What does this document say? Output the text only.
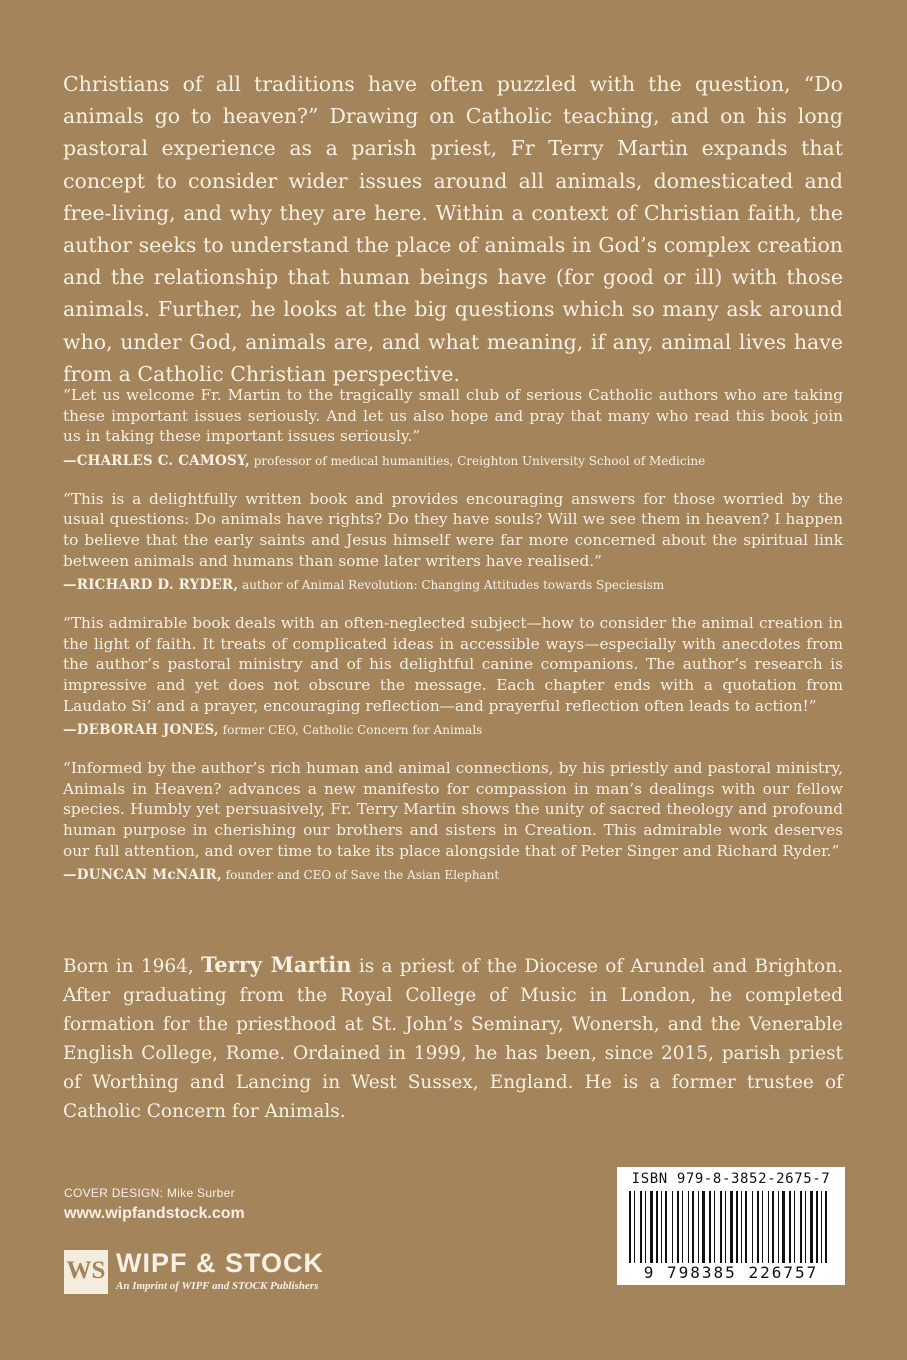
Christians of all traditions have often puzzled with the question, “Do animals go to heaven?” Drawing on Catholic teaching, and on his long pastoral experience as a parish priest, Fr Terry Martin expands that concept to consider wider issues around all animals, domesticated and free-living, and why they are here. Within a context of Christian faith, the author seeks to understand the place of animals in God’s complex creation and the relationship that human beings have (for good or ill) with those animals. Further, he looks at the big questions which so many ask around who, under God, animals are, and what meaning, if any, animal lives have from a Catholic Christian perspective.

“Let us welcome Fr. Martin to the tragically small club of serious Catholic authors who are taking these important issues seriously. And let us also hope and pray that many who read this book join us in taking these important issues seriously.”

—CHARLES C. CAMOSY, professor of medical humanities, Creighton University School of Medicine

“This is a delightfully written book and provides encouraging answers for those worried by the usual questions: Do animals have rights? Do they have souls? Will we see them in heaven? I happen to believe that the early saints and Jesus himself were far more concerned about the spiritual link between animals and humans than some later writers have realised.”

—RICHARD D. RYDER, author of Animal Revolution: Changing Attitudes towards Speciesism

“This admirable book deals with an often-neglected subject—how to consider the animal creation in the light of faith. It treats of complicated ideas in accessible ways—especially with anecdotes from the author’s pastoral ministry and of his delightful canine companions. The author’s research is impressive and yet does not obscure the message. Each chapter ends with a quotation from Laudato Si’ and a prayer, encouraging reflection—and prayerful reflection often leads to action!”

—DEBORAH JONES, former CEO, Catholic Concern for Animals

“Informed by the author’s rich human and animal connections, by his priestly and pastoral ministry, Animals in Heaven? advances a new manifesto for compassion in man’s dealings with our fellow species. Humbly yet persuasively, Fr. Terry Martin shows the unity of sacred theology and profound human purpose in cherishing our brothers and sisters in Creation. This admirable work deserves our full attention, and over time to take its place alongside that of Peter Singer and Richard Ryder.”

—DUNCAN McNAIR, founder and CEO of Save the Asian Elephant

Born in 1964, Terry Martin is a priest of the Diocese of Arundel and Brighton. After graduating from the Royal College of Music in London, he completed formation for the priesthood at St. John’s Seminary, Wonersh, and the Venerable English College, Rome. Ordained in 1999, he has been, since 2015, parish priest of Worthing and Lancing in West Sussex, England. He is a former trustee of Catholic Concern for Animals.

COVER DESIGN: Mike Surber
www.wipfandstock.com
WS WIPF & STOCK
An Imprint of WIPF and STOCK Publishers
ISBN 979-8-3852-2675-7
9 798385 226757
